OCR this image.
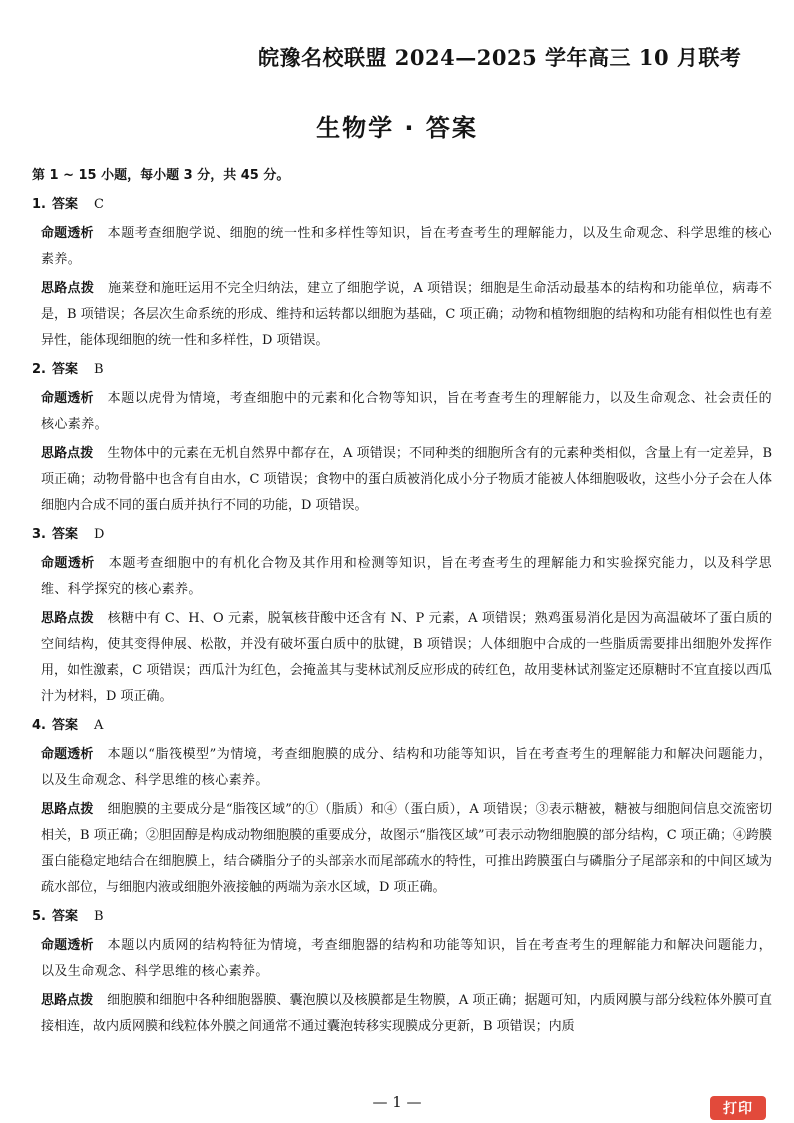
皖豫名校联盟 2024—2025 学年高三 10 月联考
生物学 · 答案
第 1 ~ 15 小题，每小题 3 分，共 45 分。
1. 答案 C
命题透析 本题考查细胞学说、细胞的统一性和多样性等知识，旨在考查考生的理解能力，以及生命观念、科学思维的核心素养。
思路点拨 施莱登和施旺运用不完全归纳法，建立了细胞学说，A 项错误；细胞是生命活动最基本的结构和功能单位，病毒不是，B 项错误；各层次生命系统的形成、维持和运转都以细胞为基础，C 项正确；动物和植物细胞的结构和功能有相似性也有差异性，能体现细胞的统一性和多样性，D 项错误。
2. 答案 B
命题透析 本题以虎骨为情境，考查细胞中的元素和化合物等知识，旨在考查考生的理解能力，以及生命观念、社会责任的核心素养。
思路点拨 生物体中的元素在无机自然界中都存在，A 项错误；不同种类的细胞所含有的元素种类相似，含量上有一定差异，B 项正确；动物骨骼中也含有自由水，C 项错误；食物中的蛋白质被消化成小分子物质才能被人体细胞吸收，这些小分子会在人体细胞内合成不同的蛋白质并执行不同的功能，D 项错误。
3. 答案 D
命题透析 本题考查细胞中的有机化合物及其作用和检测等知识，旨在考查考生的理解能力和实验探究能力，以及科学思维、科学探究的核心素养。
思路点拨 核糖中有 C、H、O 元素，脱氧核苷酸中还含有 N、P 元素，A 项错误；熟鸡蛋易消化是因为高温破坏了蛋白质的空间结构，使其变得伸展、松散，并没有破坏蛋白质中的肽键，B 项错误；人体细胞中合成的一些脂质需要排出细胞外发挥作用，如性激素，C 项错误；西瓜汁为红色，会掩盖其与斐林试剂反应形成的砖红色，故用斐林试剂鉴定还原糖时不宜直接以西瓜汁为材料，D 项正确。
4. 答案 A
命题透析 本题以“脂筏模型”为情境，考查细胞膜的成分、结构和功能等知识，旨在考查考生的理解能力和解决问题能力，以及生命观念、科学思维的核心素养。
思路点拨 细胞膜的主要成分是“脂筏区域”的①（脂质）和④（蛋白质），A 项错误；③表示糖被，糖被与细胞间信息交流密切相关，B 项正确；②胆固醇是构成动物细胞膜的重要成分，故图示“脂筏区域”可表示动物细胞膜的部分结构，C 项正确；④跨膜蛋白能稳定地结合在细胞膜上，结合磷脂分子的头部亲水而尾部疏水的特性，可推出跨膜蛋白与磷脂分子尾部亲和的中间区域为疏水部位，与细胞内液或细胞外液接触的两端为亲水区域，D 项正确。
5. 答案 B
命题透析 本题以内质网的结构特征为情境，考查细胞器的结构和功能等知识，旨在考查考生的理解能力和解决问题能力，以及生命观念、科学思维的核心素养。
思路点拨 细胞膜和细胞中各种细胞器膜、囊泡膜以及核膜都是生物膜，A 项正确；据题可知，内质网膜与部分线粒体外膜可直接相连，故内质网膜和线粒体外膜之间通常不通过囊泡转移实现膜成分更新，B 项错误；内质
— 1 —	打印
